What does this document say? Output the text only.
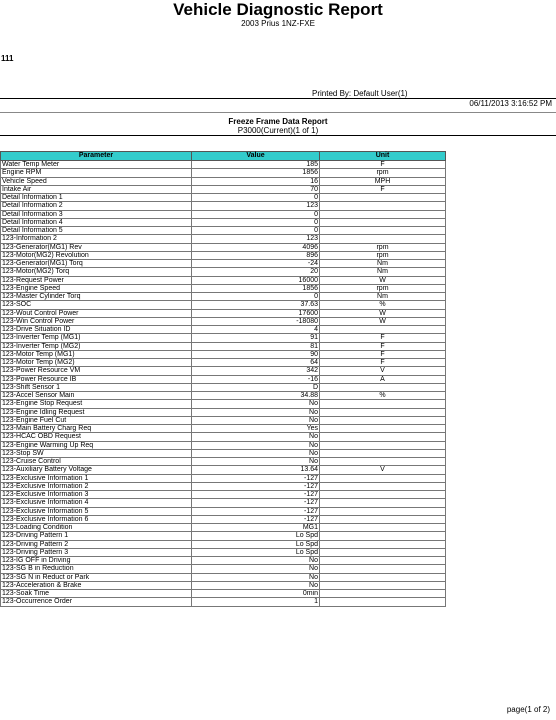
Vehicle Diagnostic Report
2003 Prius 1NZ-FXE
111
Printed By: Default User(1)
06/11/2013 3:16:52 PM
Freeze Frame Data Report
P3000(Current)(1 of 1)
Parameter	Value	Unit
Water Temp Meter	185	F
Engine RPM	1856	rpm
Vehicle Speed	16	MPH
Intake Air	70	F
Detail Information 1	0	
Detail Information 2	123	
Detail Information 3	0	
Detail Information 4	0	
Detail Information 5	0	
123-Information 2	123	
123-Generator(MG1) Rev	4096	rpm
123-Motor(MG2) Revolution	896	rpm
123-Generator(MG1) Torq	-24	Nm
123-Motor(MG2) Torq	20	Nm
123-Request Power	16000	W
123-Engine Speed	1856	rpm
123-Master Cylinder Torq	0	Nm
123-SOC	37.63	%
123-Wout Control Power	17600	W
123-Win Control Power	-18080	W
123-Drive Situation ID	4	
123-Inverter Temp (MG1)	91	F
123-Inverter Temp (MG2)	81	F
123-Motor Temp (MG1)	90	F
123-Motor Temp (MG2)	64	F
123-Power Resource VM	342	V
123-Power Resource IB	-16	A
123-Shift Sensor 1	D	
123-Accel Sensor Main	34.88	%
123-Engine Stop Request	No	
123-Engine Idling Request	No	
123-Engine Fuel Cut	No	
123-Main Battery Charg Req	Yes	
123-HCAC OBD Request	No	
123-Engine Warming Up Req	No	
123-Stop SW	No	
123-Cruise Control	No	
123-Auxiliary Battery Voltage	13.64	V
123-Exclusive Information 1	-127	
123-Exclusive Information 2	-127	
123-Exclusive Information 3	-127	
123-Exclusive Information 4	-127	
123-Exclusive Information 5	-127	
123-Exclusive Information 6	-127	
123-Loading Condition	MG1	
123-Driving Pattern 1	Lo Spd	
123-Driving Pattern 2	Lo Spd	
123-Driving Pattern 3	Lo Spd	
123-IG OFF in Driving	No	
123-SG B in Reduction	No	
123-SG N in Reduct or Park	No	
123-Acceleration & Brake	No	
123-Soak Time	0min	
123-Occurrence Order	1	
page(1 of 2)
